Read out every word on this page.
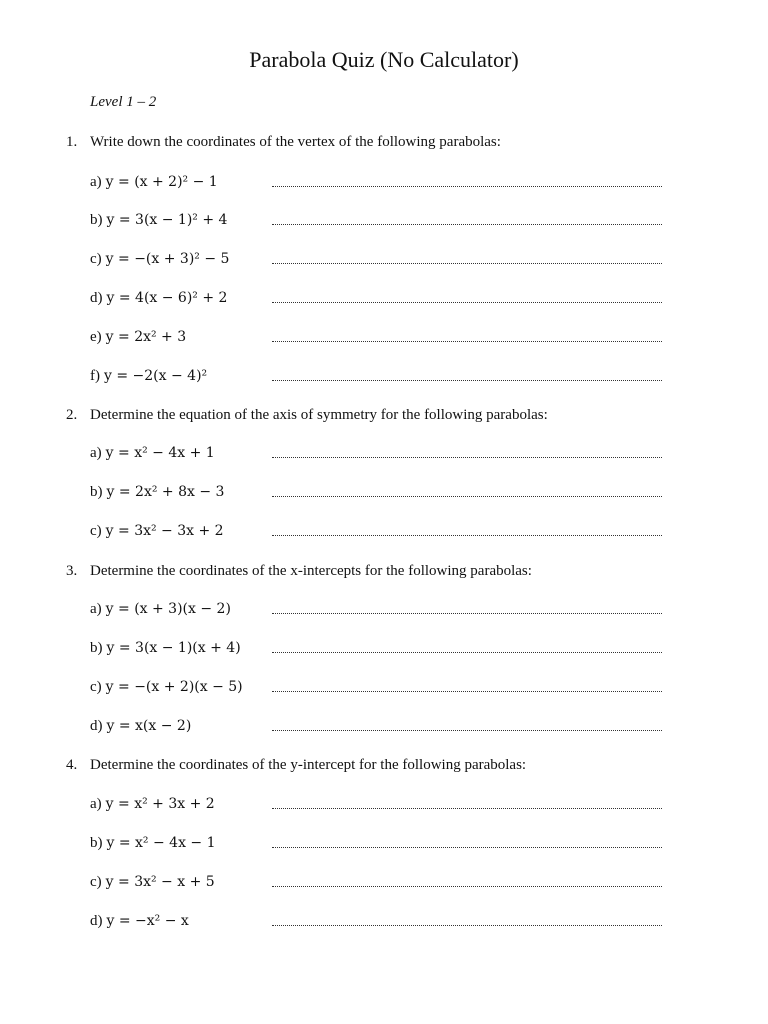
Parabola Quiz (No Calculator)
Level 1 – 2
1. Write down the coordinates of the vertex of the following parabolas:
a) y = (x + 2)² − 1
b) y = 3(x − 1)² + 4
c) y = −(x + 3)² − 5
d) y = 4(x − 6)² + 2
e) y = 2x² + 3
f) y = −2(x − 4)²
2. Determine the equation of the axis of symmetry for the following parabolas:
a) y = x² − 4x + 1
b) y = 2x² + 8x − 3
c) y = 3x² − 3x + 2
3. Determine the coordinates of the x-intercepts for the following parabolas:
a) y = (x + 3)(x − 2)
b) y = 3(x − 1)(x + 4)
c) y = −(x + 2)(x − 5)
d) y = x(x − 2)
4. Determine the coordinates of the y-intercept for the following parabolas:
a) y = x² + 3x + 2
b) y = x² − 4x − 1
c) y = 3x² − x + 5
d) y = −x² − x
